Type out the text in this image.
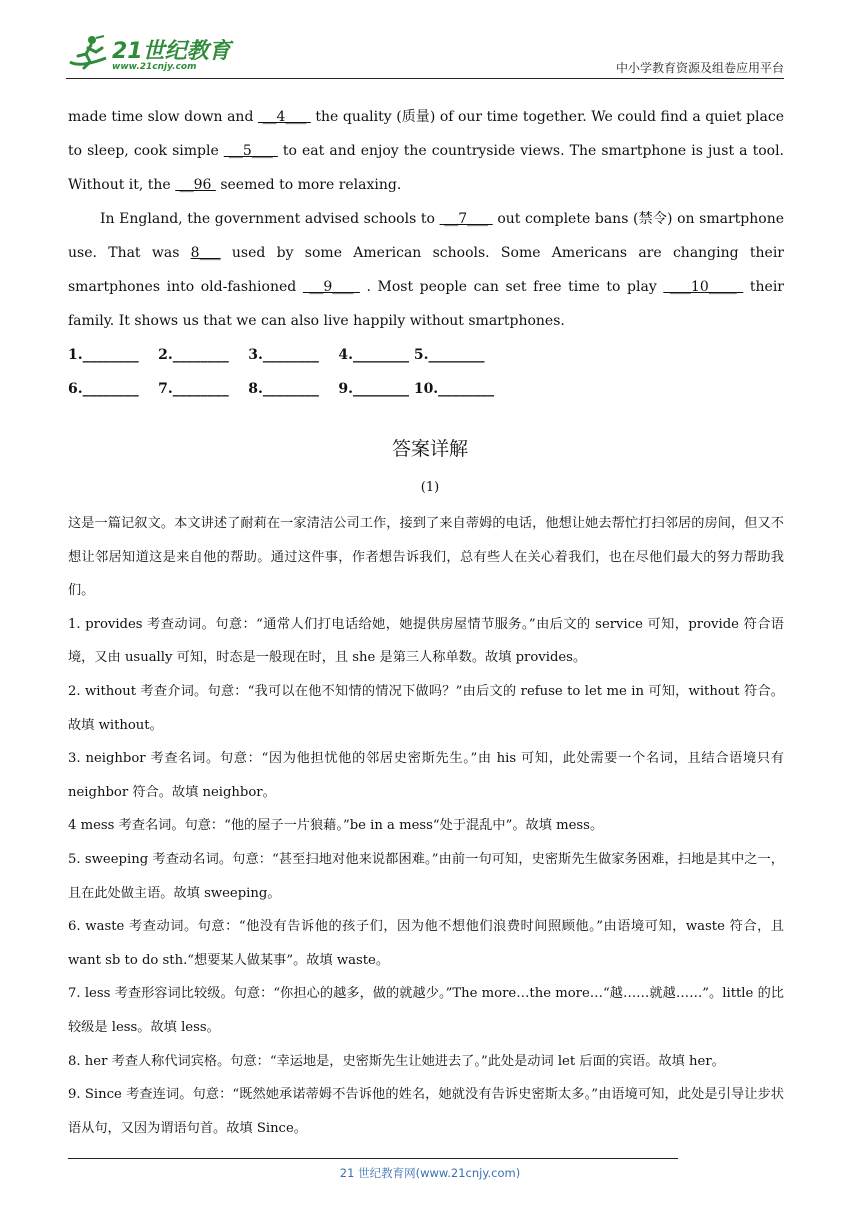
21世纪教育
www.21cnjy.com	中小学教育资源及组卷应用平台

made time slow down and  __4___  the quality (质量) of our time together. We could find a quiet place to sleep, cook simple  __5___  to eat and enjoy the countryside views. The smartphone is just a tool. Without it, the  __96  seemed to more relaxing.

In England, the government advised schools to  __7___  out complete bans (禁令) on smartphone use. That was 8___ used by some American schools. Some Americans are changing their smartphones into old-fashioned  __9___  . Most people can set free time to play  ___10____  their family. It shows us that we can also live happily without smartphones.

1.________    2.________    3.________    4.________ 5.________

6.________    7.________    8.________    9.________ 10.________

答案详解
(1)

这是一篇记叙文。本文讲述了耐莉在一家清洁公司工作，接到了来自蒂姆的电话，他想让她去帮忙打扫邻居的房间，但又不想让邻居知道这是来自他的帮助。通过这件事，作者想告诉我们，总有些人在关心着我们，也在尽他们最大的努力帮助我们。

1. provides 考查动词。句意：“通常人们打电话给她，她提供房屋情节服务。”由后文的 service 可知，provide 符合语境，又由 usually 可知，时态是一般现在时，且 she 是第三人称单数。故填 provides。

2. without 考查介词。句意：“我可以在他不知情的情况下做吗？”由后文的 refuse to let me in 可知，without 符合。故填 without。

3. neighbor 考查名词。句意：“因为他担忧他的邻居史密斯先生。”由 his 可知，此处需要一个名词，且结合语境只有 neighbor 符合。故填 neighbor。

4 mess 考查名词。句意：“他的屋子一片狼藉。”be in a mess“处于混乱中”。故填 mess。

5. sweeping 考查动名词。句意：“甚至扫地对他来说都困难。”由前一句可知，史密斯先生做家务困难，扫地是其中之一，且在此处做主语。故填 sweeping。

6. waste 考查动词。句意：“他没有告诉他的孩子们，因为他不想他们浪费时间照顾他。”由语境可知，waste 符合，且 want sb to do sth.“想要某人做某事”。故填 waste。

7. less 考查形容词比较级。句意：“你担心的越多，做的就越少。”The more…the more…“越……就越……”。little 的比较级是 less。故填 less。

8. her 考查人称代词宾格。句意：“幸运地是，史密斯先生让她进去了。”此处是动词 let 后面的宾语。故填 her。

9. Since 考查连词。句意：“既然她承诺蒂姆不告诉他的姓名，她就没有告诉史密斯太多。”由语境可知，此处是引导让步状语从句，又因为谓语句首。故填 Since。

21 世纪教育网(www.21cnjy.com)
